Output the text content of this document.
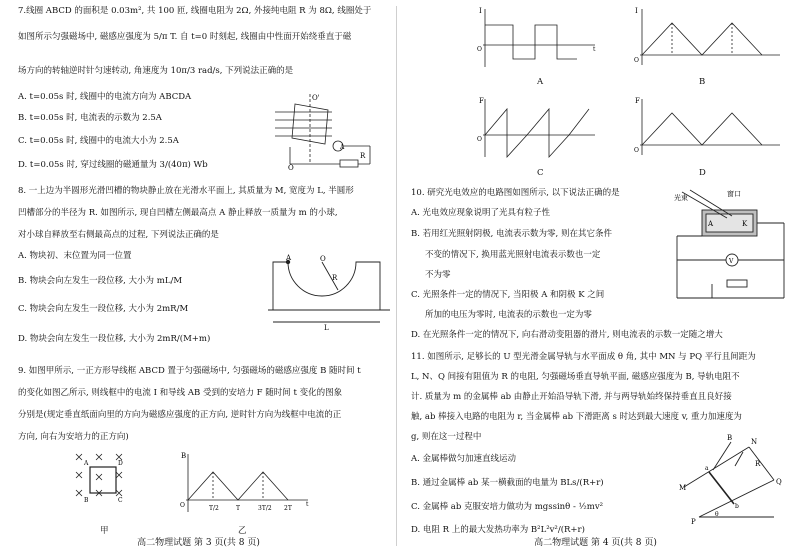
7.线圈 ABCD 的面积是 0.03m², 共 100 匝, 线圈电阻为 2Ω, 外接纯电阻 R 为 8Ω, 线圈处于
如图所示匀强磁场中, 磁感应强度为 5/π T. 自 t=0 时刻起, 线圈由中性面开始绕垂直于磁
场方向的转轴逆时针匀速转动, 角速度为 10π/3 rad/s, 下列说法正确的是
A. t=0.05s 时, 线圈中的电流方向为 ABCDA
B. t=0.05s 时, 电流表的示数为 2.5A
C. t=0.05s 时, 线圈中的电流大小为 2.5A
D. t=0.05s 时, 穿过线圈的磁通量为 3/(40π) Wb
A
R
O'
O
8. 一上边为半圆形光滑凹槽的物块静止放在光滑水平面上, 其质量为 M, 宽度为 L, 半圆形
凹槽部分的半径为 R. 如图所示, 现自凹槽左侧最高点 A 静止释放一质量为 m 的小球,
对小球自释放至右侧最高点的过程, 下列说法正确的是
A. 物块初、末位置为同一位置
B. 物块会向左发生一段位移, 大小为 mL/M
C. 物块会向左发生一段位移, 大小为 2mR/M
D. 物块会向左发生一段位移, 大小为 2mR/(M+m)
A	O
R
L
9. 如图甲所示, 一正方形导线框 ABCD 置于匀强磁场中, 匀强磁场的磁感应强度 B 随时间 t
的变化如图乙所示, 则线框中的电流 I 和导线 AB 受到的安培力 F 随时间 t 变化的图象
分别是(规定垂直纸面向里的方向为磁感应强度的正方向, 逆时针方向为线框中电流的正
方向, 向右为安培力的正方向)
A	D
B	C
甲
B
O	T/2	T	3T/2 2T
t
乙
高二物理试题 第 3 页(共 8 页)
I
O	t
A
I
O
B
F
O
C
F
O
D
10. 研究光电效应的电路图如图所示, 以下说法正确的是
A. 光电效应现象说明了光具有粒子性
B. 若用红光照射阴极, 电流表示数为零, 则在其它条件
不变的情况下, 换用蓝光照射电流表示数也一定
不为零
C. 光照条件一定的情况下, 当阳极 A 和阴极 K 之间
所加的电压为零时, 电流表的示数也一定为零
D. 在光照条件一定的情况下, 向右滑动变阻器的滑片, 则电流表的示数一定随之增大
A	K
V
光束	窗口
11. 如图所示, 足够长的 U 型光滑金属导轨与水平面成 θ 角, 其中 MN 与 PQ 平行且间距为
L, N、Q 间接有阻值为 R 的电阻, 匀强磁场垂直导轨平面, 磁感应强度为 B, 导轨电阻不
计. 质量为 m 的金属棒 ab 由静止开始沿导轨下滑, 并与两导轨始终保持垂直且良好接
触, ab 棒接入电路的电阻为 r, 当金属棒 ab 下滑距离 s 时达到最大速度 v, 重力加速度为
g, 则在这一过程中
A. 金属棒做匀加速直线运动
B. 通过金属棒 ab 某一横截面的电量为 BLs/(R+r)
C. 金属棒 ab 克服安培力做功为 mgssinθ - ½mv²
D. 电阻 R 上的最大发热功率为 B²L²v²/(R+r)
M
N
Q
P
B
R
a
b
θ
高二物理试题 第 4 页(共 8 页)
